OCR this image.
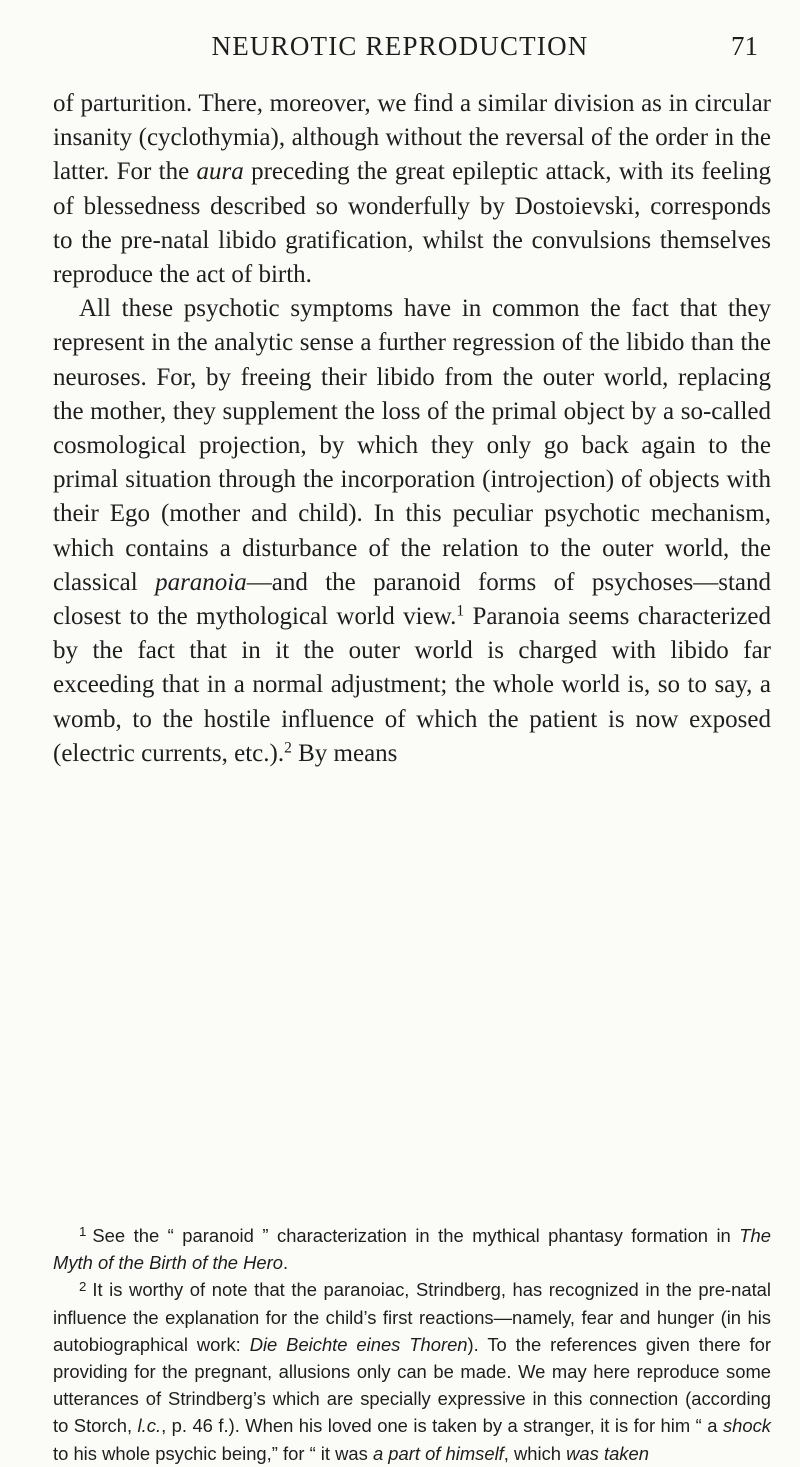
NEUROTIC REPRODUCTION	71

of parturition. There, moreover, we find a similar division as in circular insanity (cyclothymia), although without the reversal of the order in the latter. For the aura preceding the great epileptic attack, with its feeling of blessedness described so wonderfully by Dostoievski, corresponds to the pre-natal libido gratification, whilst the convulsions themselves reproduce the act of birth.

All these psychotic symptoms have in common the fact that they represent in the analytic sense a further regression of the libido than the neuroses. For, by freeing their libido from the outer world, replacing the mother, they supplement the loss of the primal object by a so-called cosmological projection, by which they only go back again to the primal situation through the incorporation (introjection) of objects with their Ego (mother and child). In this peculiar psychotic mechanism, which contains a disturbance of the relation to the outer world, the classical paranoia—and the paranoid forms of psychoses—stand closest to the mythological world view.$^1$ Paranoia seems characterized by the fact that in it the outer world is charged with libido far exceeding that in a normal adjustment; the whole world is, so to say, a womb, to the hostile influence of which the patient is now exposed (electric currents, etc.).$^2$ By means

$^1$ See the “ paranoid ” characterization in the mythical phantasy formation in The Myth of the Birth of the Hero.

$^2$ It is worthy of note that the paranoiac, Strindberg, has recognized in the pre-natal influence the explanation for the child’s first reactions—namely, fear and hunger (in his autobiographical work: Die Beichte eines Thoren). To the references given there for providing for the pregnant, allusions only can be made. We may here reproduce some utterances of Strindberg’s which are specially expressive in this connection (according to Storch, l.c., p. 46 f.). When his loved one is taken by a stranger, it is for him “ a shock to his whole psychic being,” for “ it was a part of himself, which was taken
